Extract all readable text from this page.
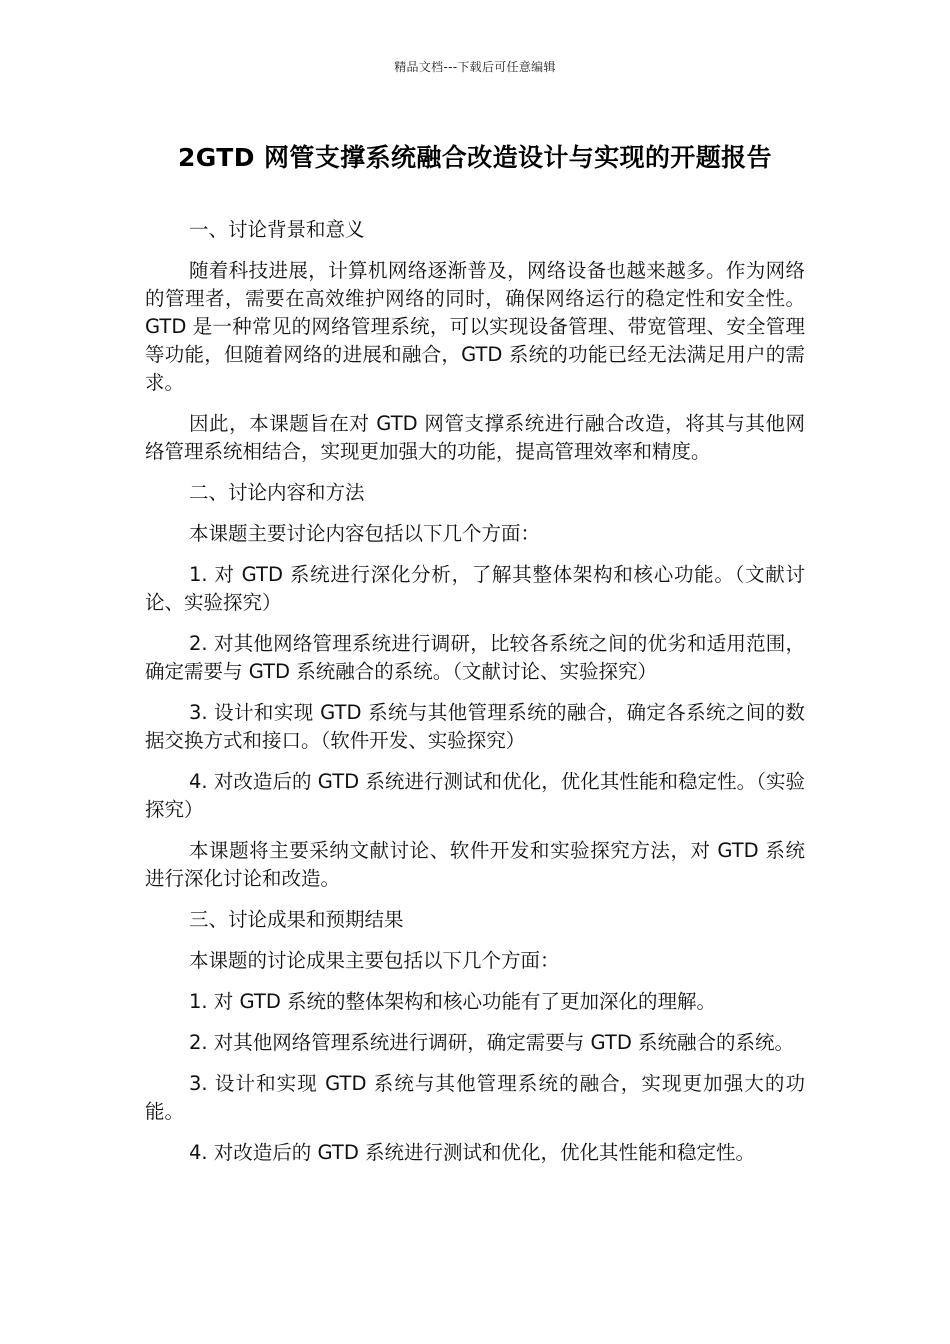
精品文档---下载后可任意编辑
2GTD 网管支撑系统融合改造设计与实现的开题报告

一、讨论背景和意义

随着科技进展，计算机网络逐渐普及，网络设备也越来越多。作为网络的管理者，需要在高效维护网络的同时，确保网络运行的稳定性和安全性。GTD 是一种常见的网络管理系统，可以实现设备管理、带宽管理、安全管理等功能，但随着网络的进展和融合，GTD 系统的功能已经无法满足用户的需求。

因此，本课题旨在对 GTD 网管支撑系统进行融合改造，将其与其他网络管理系统相结合，实现更加强大的功能，提高管理效率和精度。

二、讨论内容和方法

本课题主要讨论内容包括以下几个方面：

1. 对 GTD 系统进行深化分析，了解其整体架构和核心功能。（文献讨论、实验探究）

2. 对其他网络管理系统进行调研，比较各系统之间的优劣和适用范围，确定需要与 GTD 系统融合的系统。（文献讨论、实验探究）

3. 设计和实现 GTD 系统与其他管理系统的融合，确定各系统之间的数据交换方式和接口。（软件开发、实验探究）

4. 对改造后的 GTD 系统进行测试和优化，优化其性能和稳定性。（实验探究）

本课题将主要采纳文献讨论、软件开发和实验探究方法，对 GTD 系统进行深化讨论和改造。

三、讨论成果和预期结果

本课题的讨论成果主要包括以下几个方面：

1. 对 GTD 系统的整体架构和核心功能有了更加深化的理解。

2. 对其他网络管理系统进行调研，确定需要与 GTD 系统融合的系统。

3. 设计和实现 GTD 系统与其他管理系统的融合，实现更加强大的功能。

4. 对改造后的 GTD 系统进行测试和优化，优化其性能和稳定性。
